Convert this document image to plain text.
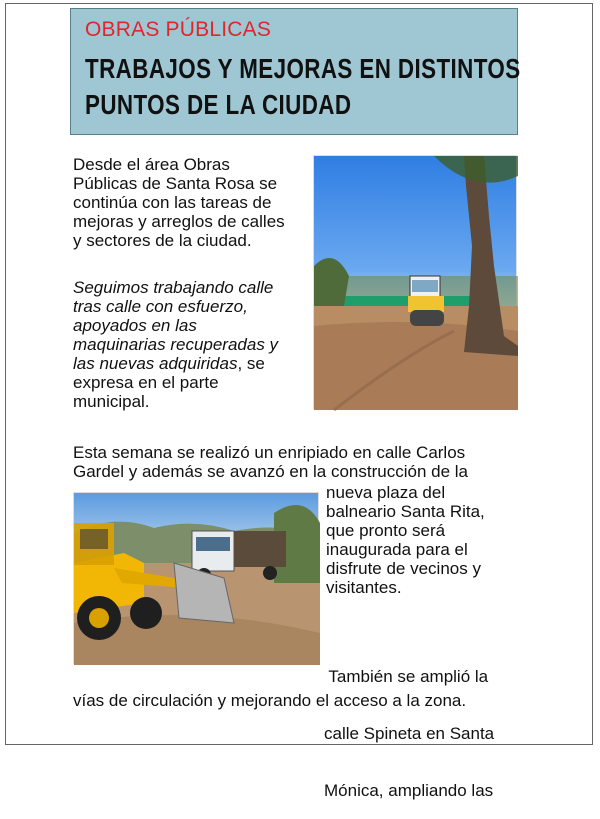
OBRAS PÚBLICAS
TRABAJOS Y MEJORAS EN DISTINTOS
PUNTOS DE LA CIUDAD
Desde el área Obras
Públicas de Santa Rosa se
continúa con las tareas de
mejoras y arreglos de calles
y sectores de la ciudad.
Seguimos trabajando calle
tras calle con esfuerzo,
apoyados en las
maquinarias recuperadas y
las nuevas adquiridas, se
expresa en el parte
municipal.
Esta semana se realizó un enripiado en calle Carlos
Gardel y además se avanzó en la construcción de la
nueva plaza del
balneario Santa Rita,
que pronto será
inaugurada para el
disfrute de vecinos y
visitantes.

También se amplió la

calle Spineta en Santa

Mónica, ampliando las

vías de circulación y mejorando el acceso a la zona.
